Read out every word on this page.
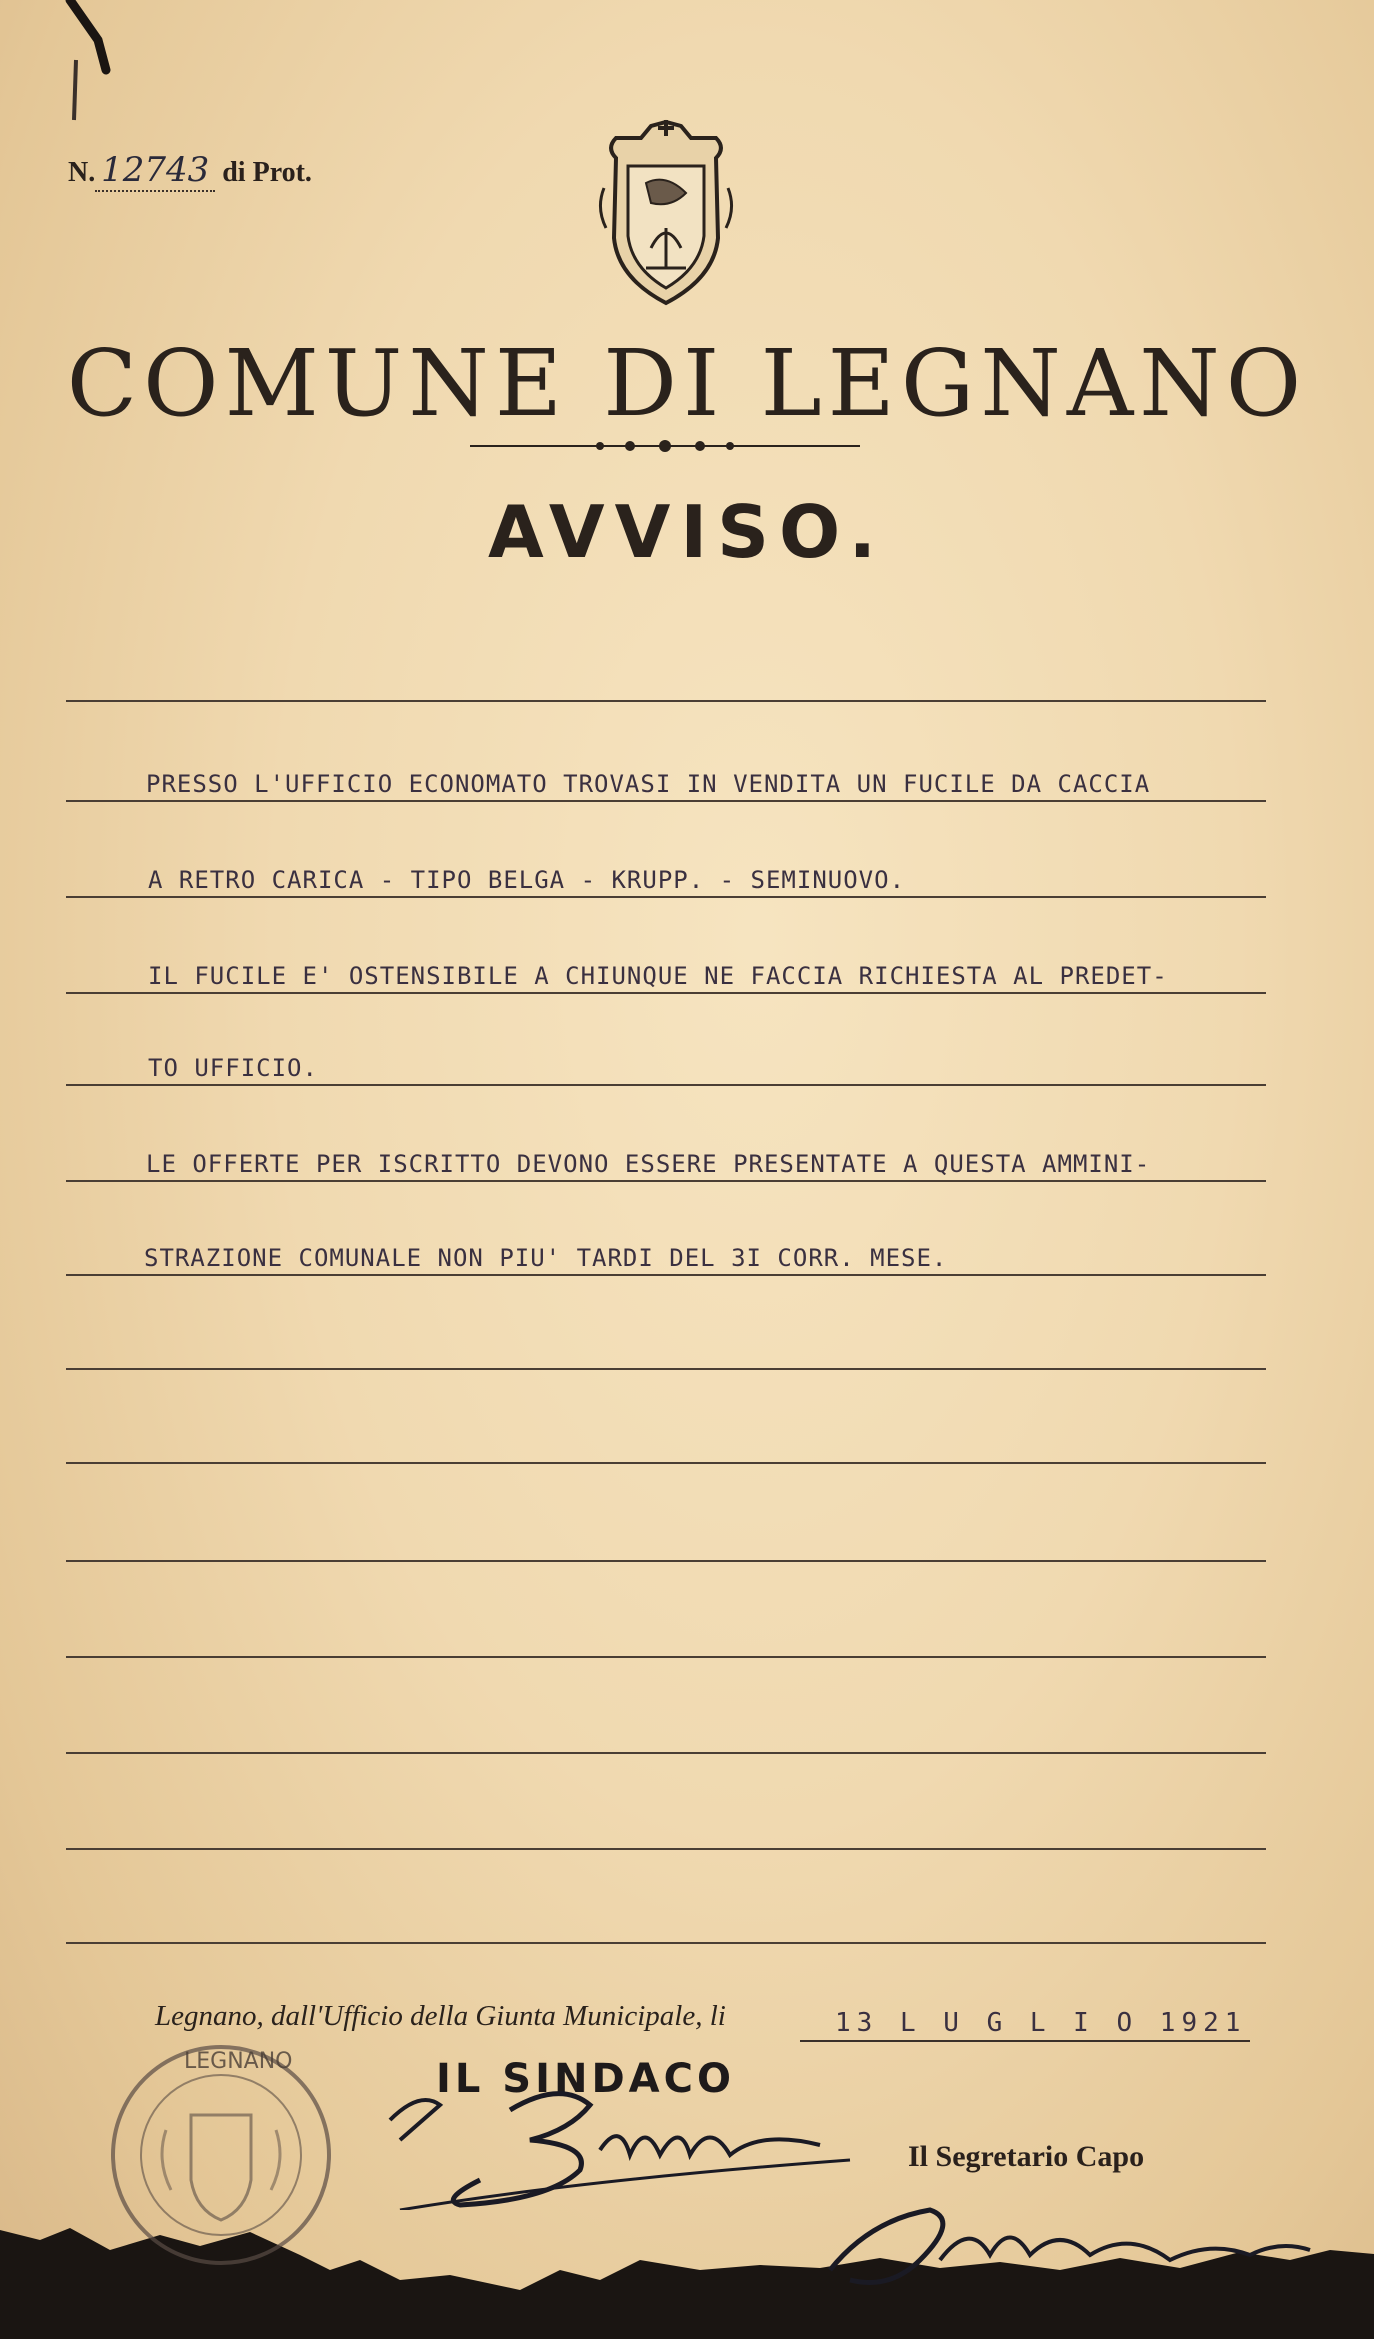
N. 12743 di Prot.
COMUNE DI LEGNANO
AVVISO.
PRESSO L'UFFICIO ECONOMATO TROVASI IN VENDITA UN FUCILE DA CACCIA
A RETRO CARICA - TIPO BELGA - KRUPP. - SEMINUOVO.
IL FUCILE E' OSTENSIBILE A CHIUNQUE NE FACCIA RICHIESTA AL PREDET-
TO UFFICIO.
LE OFFERTE PER ISCRITTO DEVONO ESSERE PRESENTATE A QUESTA AMMINI-
STRAZIONE COMUNALE NON PIU' TARDI DEL 3I CORR. MESE.
Legnano, dall'Ufficio della Giunta Municipale, li	13 L U G L I O 1921
LEGNANO	IL SINDACO
Il Segretario Capo
